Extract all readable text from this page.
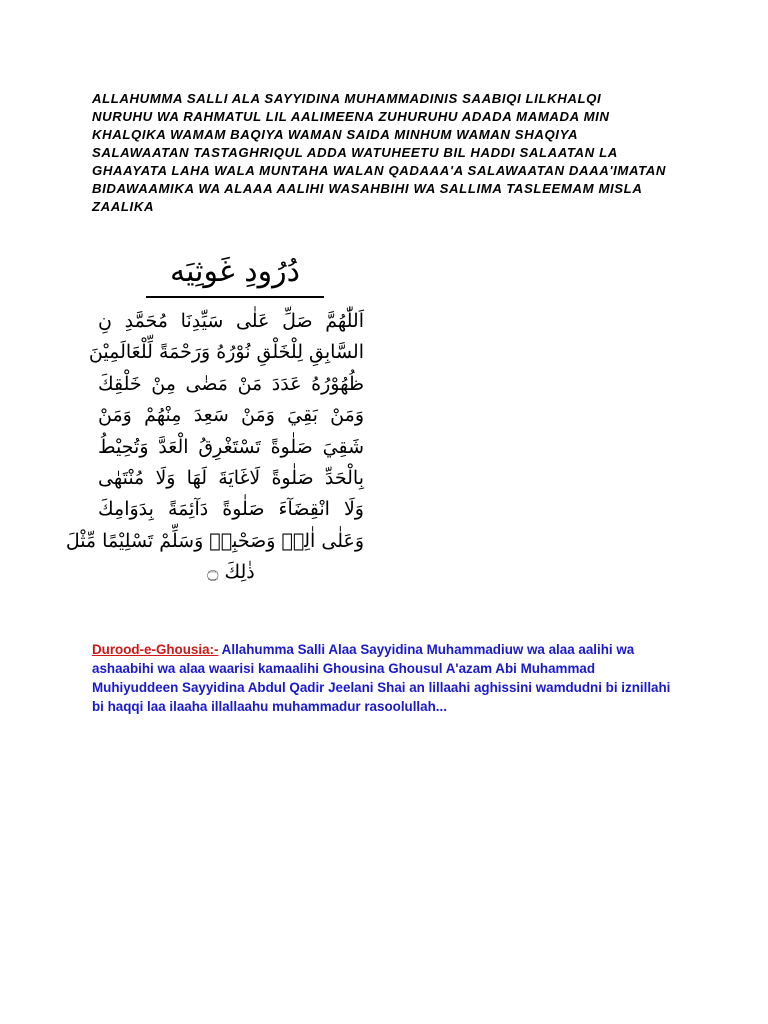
ALLAHUMMA SALLI ALA SAYYIDINA MUHAMMADINIS SAABIQI LILKHALQI
NURUHU WA RAHMATUL LIL AALIMEENA ZUHURUHU ADADA MAMADA MIN
KHALQIKA WAMAM BAQIYA WAMAN SAIDA MINHUM WAMAN SHAQIYA
SALAWAATAN TASTAGHRIQUL ADDA WATUHEETU BIL HADDI SALAATAN LA
GHAAYATA LAHA WALA MUNTAHA WALAN QADAAA'A SALAWAATAN DAAA'IMATAN
BIDAWAAMIKA WA ALAAA AALIHI WASAHBIHI WA SALLIMA TASLEEMAM MISLA
ZAALIKA
دُرُودِ غَوثِيَه
اَللّٰهُمَّ صَلِّ عَلٰى سَيِّدِنَا مُحَمَّدِ نِ
السَّابِقِ لِلْخَلْقِ نُوْرُهُ وَرَحْمَةً لِّلْعَالَمِيْنَ
ظُهُوْرُهُ عَدَدَ مَنْ مَضٰى مِنْ خَلْقِكَ
وَمَنْ بَقِيَ وَمَنْ سَعِدَ مِنْهُمْ وَمَنْ
شَقِيَ صَلٰوةً تَسْتَغْرِقُ الْعَدَّ وَتُحِيْطُ
بِالْحَدِّ صَلٰوةً لَاغَايَةَ لَهَا وَلَا مُنْتَهٰى
وَلَا انْقِضَآءَ صَلٰوةً دَآئِمَةً بِدَوَامِكَ
وَعَلٰى اٰلِهٖ وَصَحْبِهٖ وَسَلِّمْ تَسْلِيْمًا مِّثْلَ
ذٰلِكَ ۝

Durood-e-Ghousia:- Allahumma Salli Alaa Sayyidina Muhammadiuw wa alaa aalihi wa ashaabihi wa alaa waarisi kamaalihi Ghousina Ghousul A'azam Abi Muhammad Muhiyuddeen Sayyidina Abdul Qadir Jeelani Shai an lillaahi aghissini wamdudni bi iznillahi bi haqqi laa ilaaha illallaahu muhammadur rasoolullah...
